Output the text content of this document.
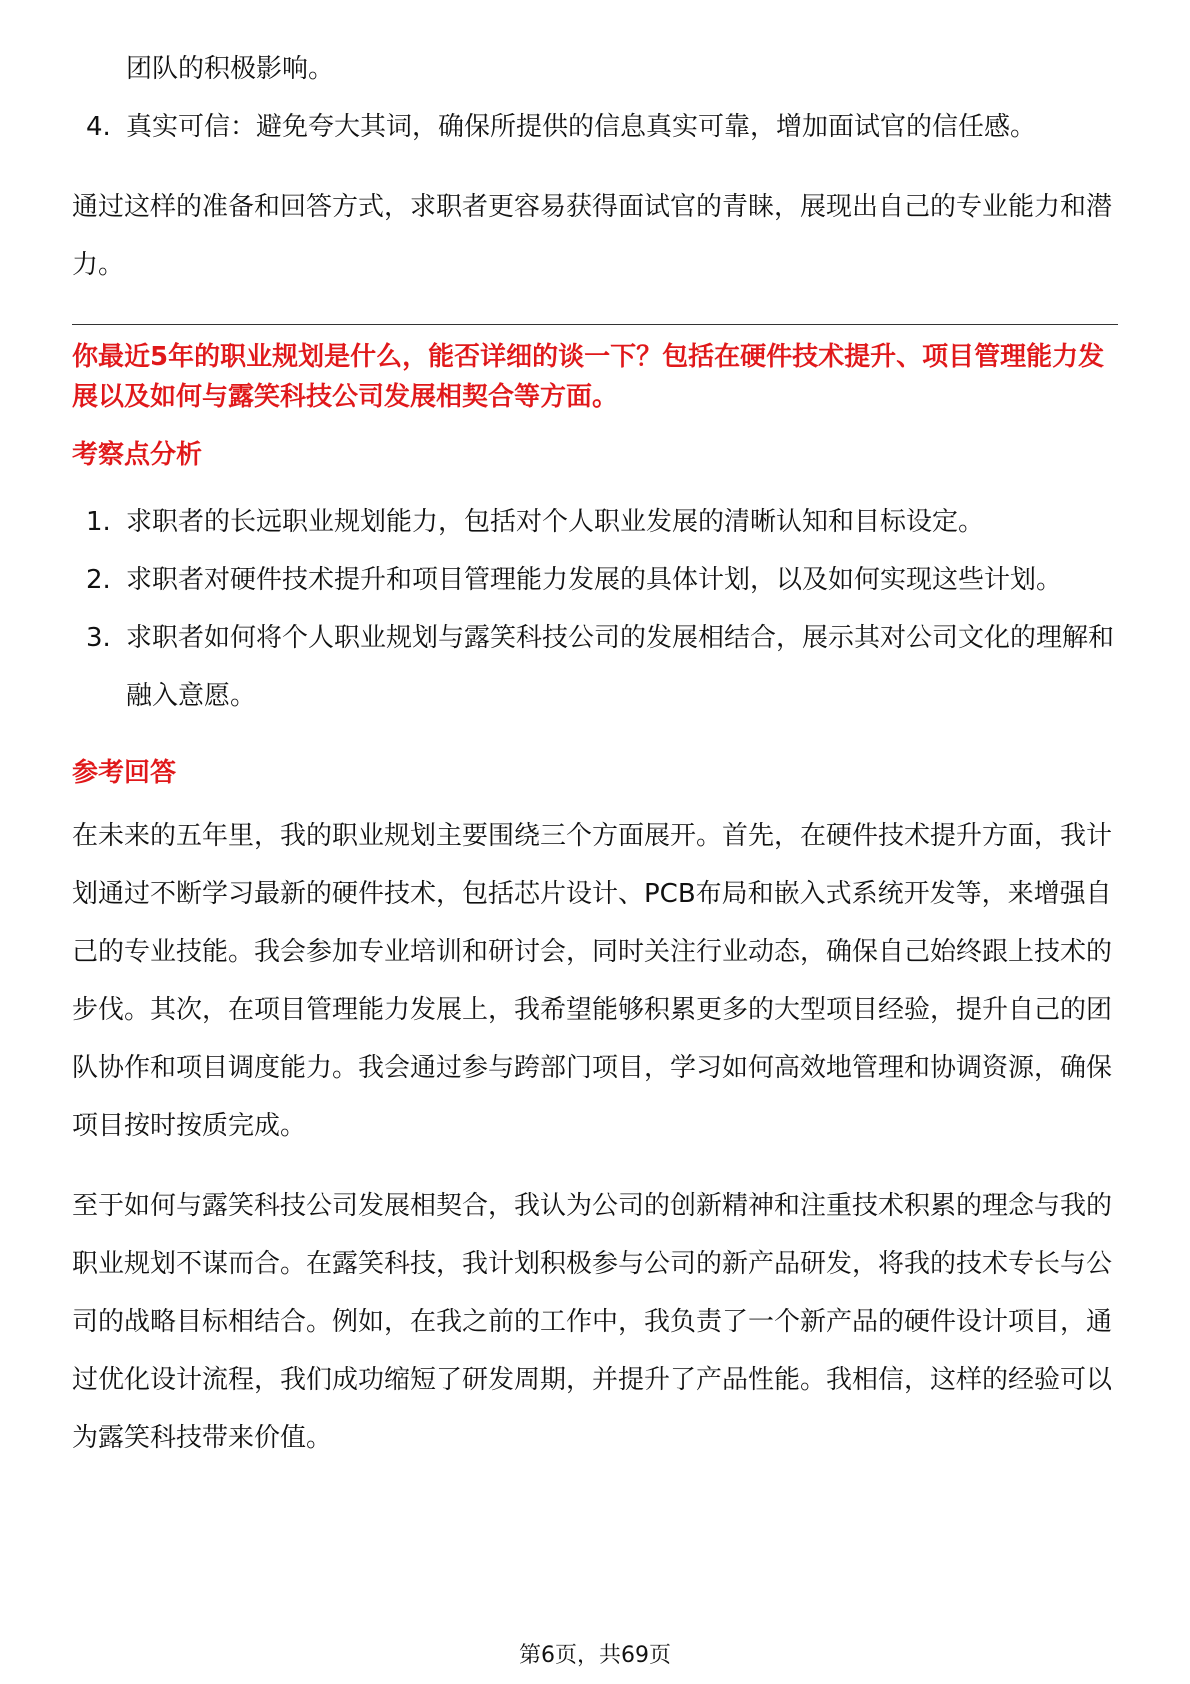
团队的积极影响。
4. 真实可信：避免夸大其词，确保所提供的信息真实可靠，增加面试官的信任感。

通过这样的准备和回答方式，求职者更容易获得面试官的青睐，展现出自己的专业能力和潜力。

你最近5年的职业规划是什么，能否详细的谈一下？包括在硬件技术提升、项目管理能力发展以及如何与露笑科技公司发展相契合等方面。

考察点分析
1. 求职者的长远职业规划能力，包括对个人职业发展的清晰认知和目标设定。
2. 求职者对硬件技术提升和项目管理能力发展的具体计划，以及如何实现这些计划。
3. 求职者如何将个人职业规划与露笑科技公司的发展相结合，展示其对公司文化的理解和融入意愿。
参考回答

在未来的五年里，我的职业规划主要围绕三个方面展开。首先，在硬件技术提升方面，我计划通过不断学习最新的硬件技术，包括芯片设计、PCB布局和嵌入式系统开发等，来增强自己的专业技能。我会参加专业培训和研讨会，同时关注行业动态，确保自己始终跟上技术的步伐。其次，在项目管理能力发展上，我希望能够积累更多的大型项目经验，提升自己的团队协作和项目调度能力。我会通过参与跨部门项目，学习如何高效地管理和协调资源，确保项目按时按质完成。

至于如何与露笑科技公司发展相契合，我认为公司的创新精神和注重技术积累的理念与我的职业规划不谋而合。在露笑科技，我计划积极参与公司的新产品研发，将我的技术专长与公司的战略目标相结合。例如，在我之前的工作中，我负责了一个新产品的硬件设计项目，通过优化设计流程，我们成功缩短了研发周期，并提升了产品性能。我相信，这样的经验可以为露笑科技带来价值。

第6页，共69页
